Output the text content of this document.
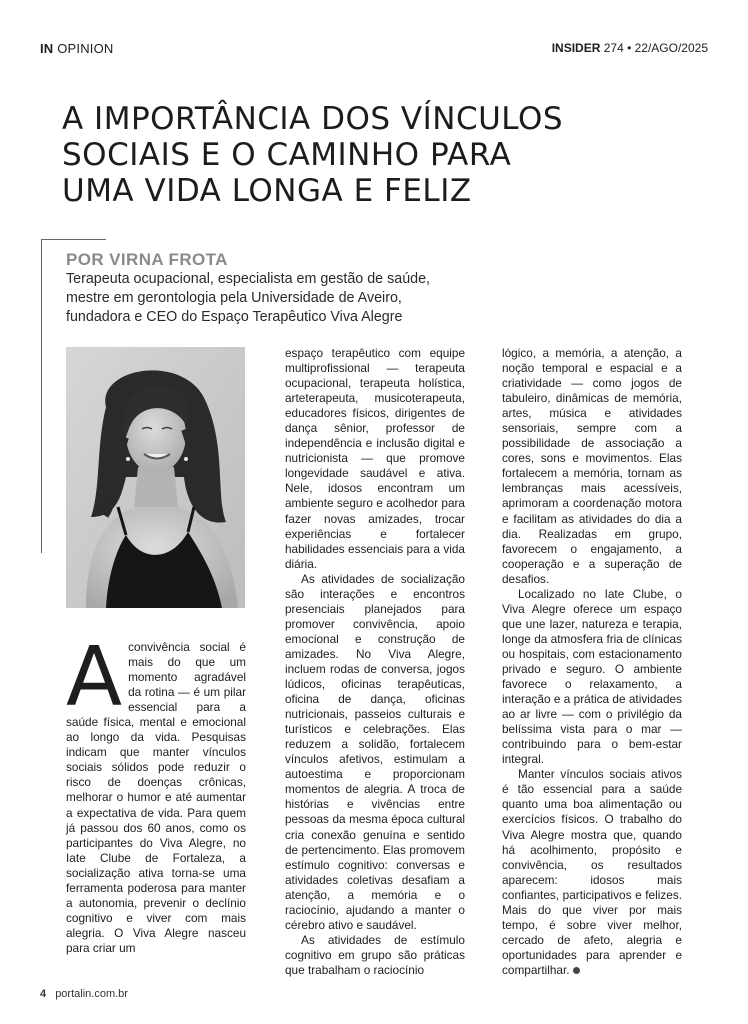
IN OPINION	INSIDER 274 • 22/AGO/2025
A IMPORTÂNCIA DOS VÍNCULOS
SOCIAIS E O CAMINHO PARA
UMA VIDA LONGA E FELIZ
POR VIRNA FROTA
Terapeuta ocupacional, especialista em gestão de saúde,
mestre em gerontologia pela Universidade de Aveiro,
fundadora e CEO do Espaço Terapêutico Viva Alegre
A convivência social é mais do que um momento agradável da rotina — é um pilar essencial para a saúde física, mental e emocional ao longo da vida. Pesquisas indicam que manter vínculos sociais sólidos pode reduzir o risco de doenças crônicas, melhorar o humor e até aumentar a expectativa de vida. Para quem já passou dos 60 anos, como os participantes do Viva Alegre, no Iate Clube de Fortaleza, a socialização ativa torna-se uma ferramenta poderosa para manter a autonomia, prevenir o declínio cognitivo e viver com mais alegria. O Viva Alegre nasceu para criar um

espaço terapêutico com equipe multiprofissional — terapeuta ocupacional, terapeuta holística, arteterapeuta, musicoterapeuta, educadores físicos, dirigentes de dança sênior, professor de independência e inclusão digital e nutricionista — que promove longevidade saudável e ativa. Nele, idosos encontram um ambiente seguro e acolhedor para fazer novas amizades, trocar experiências e fortalecer habilidades essenciais para a vida diária.

As atividades de socialização são interações e encontros presenciais planejados para promover convivência, apoio emocional e construção de amizades. No Viva Alegre, incluem rodas de conversa, jogos lúdicos, oficinas terapêuticas, oficina de dança, oficinas nutricionais, passeios culturais e turísticos e celebrações. Elas reduzem a solidão, fortalecem vínculos afetivos, estimulam a autoestima e proporcionam momentos de alegria. A troca de histórias e vivências entre pessoas da mesma época cultural cria conexão genuína e sentido de pertencimento. Elas promovem estímulo cognitivo: conversas e atividades coletivas desafiam a atenção, a memória e o raciocínio, ajudando a manter o cérebro ativo e saudável.

As atividades de estímulo cognitivo em grupo são práticas que trabalham o raciocínio

lógico, a memória, a atenção, a noção temporal e espacial e a criatividade — como jogos de tabuleiro, dinâmicas de memória, artes, música e atividades sensoriais, sempre com a possibilidade de associação a cores, sons e movimentos. Elas fortalecem a memória, tornam as lembranças mais acessíveis, aprimoram a coordenação motora e facilitam as atividades do dia a dia. Realizadas em grupo, favorecem o engajamento, a cooperação e a superação de desafios.

Localizado no Iate Clube, o Viva Alegre oferece um espaço que une lazer, natureza e terapia, longe da atmosfera fria de clínicas ou hospitais, com estacionamento privado e seguro. O ambiente favorece o relaxamento, a interação e a prática de atividades ao ar livre — com o privilégio da belíssima vista para o mar — contribuindo para o bem-estar integral.

Manter vínculos sociais ativos é tão essencial para a saúde quanto uma boa alimentação ou exercícios físicos. O trabalho do Viva Alegre mostra que, quando há acolhimento, propósito e convivência, os resultados aparecem: idosos mais confiantes, participativos e felizes. Mais do que viver por mais tempo, é sobre viver melhor, cercado de afeto, alegria e oportunidades para aprender e compartilhar.

4 portalin.com.br
